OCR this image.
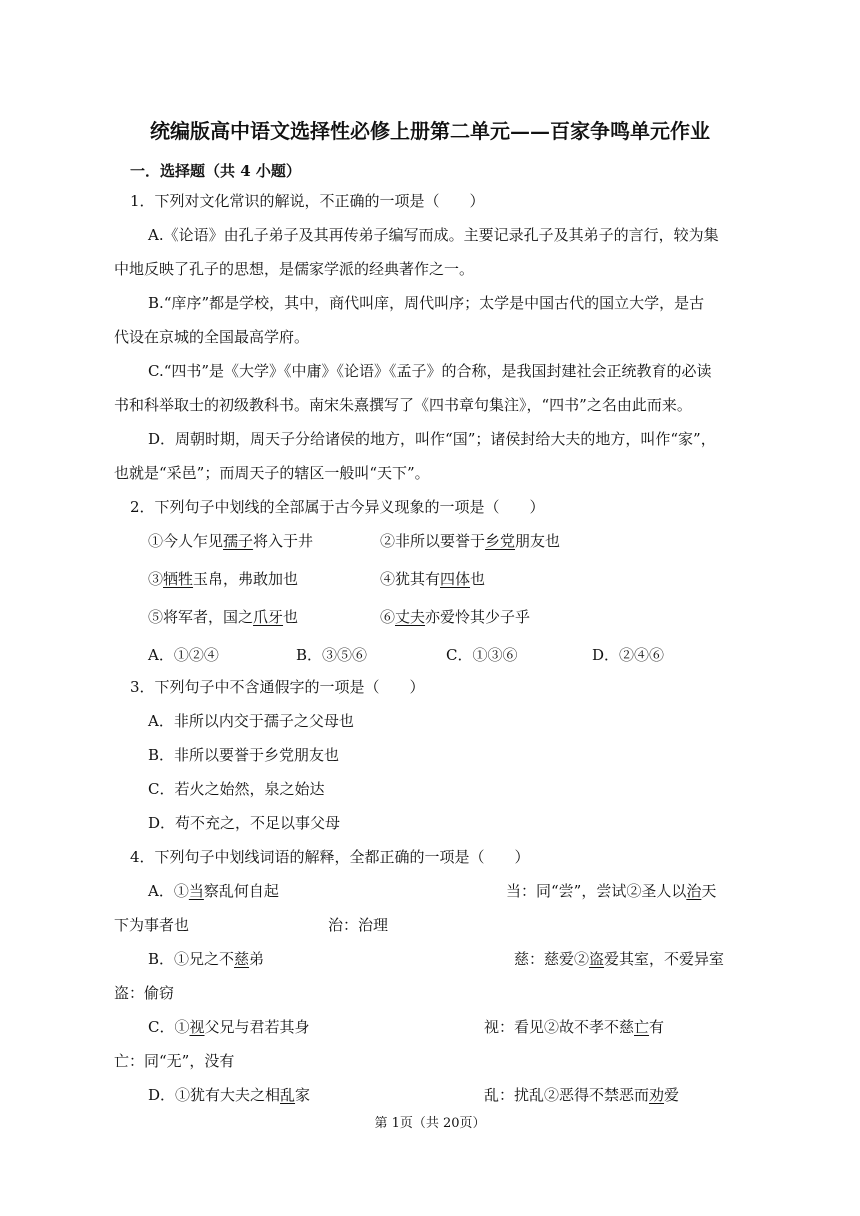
统编版高中语文选择性必修上册第二单元——百家争鸣单元作业
一．选择题（共 4 小题）
1．下列对文化常识的解说，不正确的一项是（　　）
A.《论语》由孔子弟子及其再传弟子编写而成。主要记录孔子及其弟子的言行，较为集
中地反映了孔子的思想，是儒家学派的经典著作之一。
B.“庠序”都是学校，其中，商代叫庠，周代叫序；太学是中国古代的国立大学，是古
代设在京城的全国最高学府。
C.“四书”是《大学》《中庸》《论语》《孟子》的合称，是我国封建社会正统教育的必读
书和科举取士的初级教科书。南宋朱熹撰写了《四书章句集注》，“四书”之名由此而来。
D．周朝时期，周天子分给诸侯的地方，叫作“国”；诸侯封给大夫的地方，叫作“家”，
也就是“采邑”；而周天子的辖区一般叫“天下”。
2．下列句子中划线的全部属于古今异义现象的一项是（　　）
①今人乍见孺子将入于井	②非所以要誉于乡党朋友也
③牺牲玉帛，弗敢加也	④犹其有四体也
⑤将军者，国之爪牙也	⑥丈夫亦爱怜其少子乎
A．①②④	B．③⑤⑥	C．①③⑥	D．②④⑥
3．下列句子中不含通假字的一项是（　　）
A．非所以内交于孺子之父母也
B．非所以要誉于乡党朋友也
C．若火之始然，泉之始达
D．苟不充之，不足以事父母
4．下列句子中划线词语的解释，全都正确的一项是（　　）
A．①当察乱何自起	当：同“尝”，尝试②圣人以治天
下为事者也	治：治理
B．①兄之不慈弟	慈：慈爱②盗爱其室，不爱异室
盗：偷窃
C．①视父兄与君若其身	视：看见②故不孝不慈亡有
亡：同“无”，没有
D．①犹有大夫之相乱家	乱：扰乱②恶得不禁恶而劝爱
第 1页（共 20页）
